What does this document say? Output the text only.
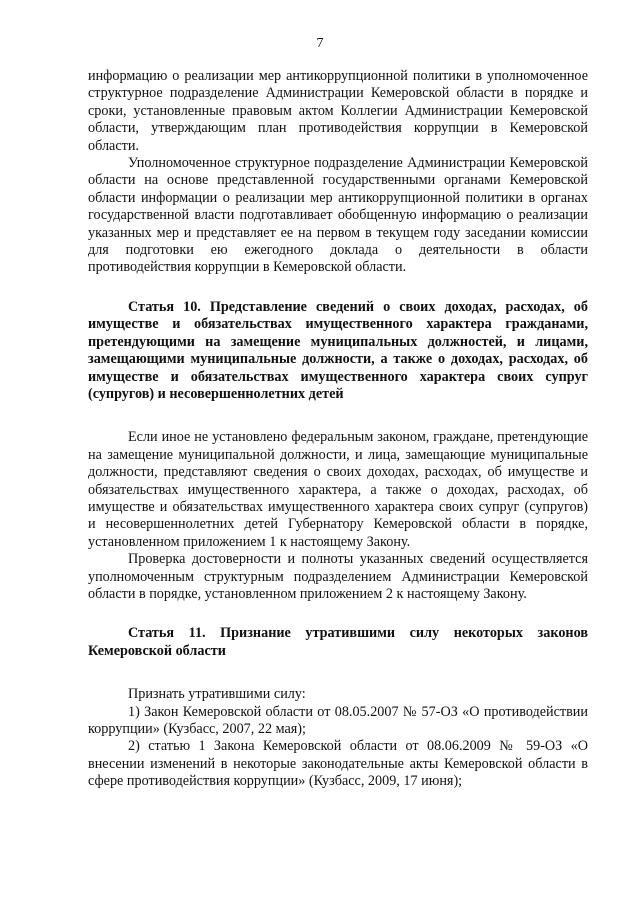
7

информацию о реализации мер антикоррупционной политики в уполномоченное структурное подразделение Администрации Кемеровской области в порядке и сроки, установленные правовым актом Коллегии Администрации Кемеровской области, утверждающим план противодействия коррупции в Кемеровской области.

Уполномоченное структурное подразделение Администрации Кемеровской области на основе представленной государственными органами Кемеровской области информации о реализации мер антикоррупционной политики в органах государственной власти подготавливает обобщенную информацию о реализации указанных мер и представляет ее на первом в текущем году заседании комиссии для подготовки ею ежегодного доклада о деятельности в области противодействия коррупции в Кемеровской области.

Статья 10. Представление сведений о своих доходах, расходах, об имуществе и обязательствах имущественного характера гражданами, претендующими на замещение муниципальных должностей, и лицами, замещающими муниципальные должности, а также о доходах, расходах, об имуществе и обязательствах имущественного характера своих супруг (супругов) и несовершеннолетних детей

Если иное не установлено федеральным законом, граждане, претендующие на замещение муниципальной должности, и лица, замещающие муниципальные должности, представляют сведения о своих доходах, расходах, об имуществе и обязательствах имущественного характера, а также о доходах, расходах, об имуществе и обязательствах имущественного характера своих супруг (супругов) и несовершеннолетних детей Губернатору Кемеровской области в порядке, установленном приложением 1 к настоящему Закону.

Проверка достоверности и полноты указанных сведений осуществляется уполномоченным структурным подразделением Администрации Кемеровской области в порядке, установленном приложением 2 к настоящему Закону.

Статья 11. Признание утратившими силу некоторых законов Кемеровской области

Признать утратившими силу:

1) Закон Кемеровской области от 08.05.2007 № 57-ОЗ «О противодействии коррупции» (Кузбасс, 2007, 22 мая);

2) статью 1 Закона Кемеровской области от 08.06.2009 № 59-ОЗ «О внесении изменений в некоторые законодательные акты Кемеровской области в сфере противодействия коррупции» (Кузбасс, 2009, 17 июня);
